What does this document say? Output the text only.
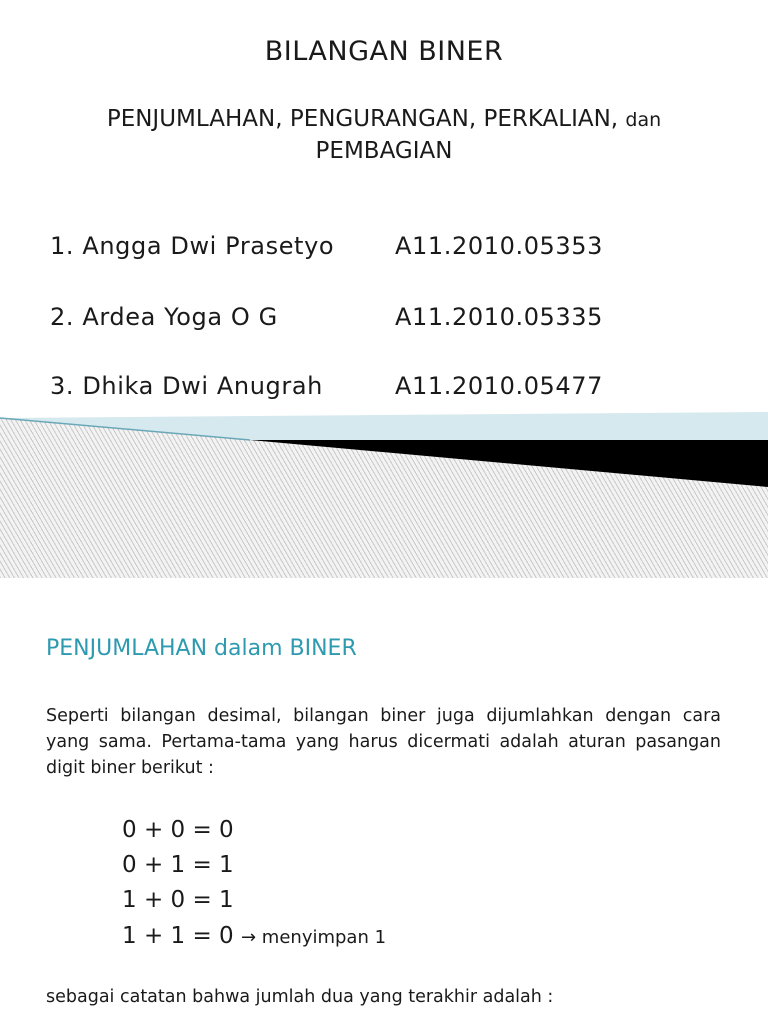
BILANGAN BINER
PENJUMLAHAN, PENGURANGAN, PERKALIAN, dan
PEMBAGIAN
1. Angga Dwi Prasetyo	A11.2010.05353
2. Ardea Yoga O G	A11.2010.05335
3. Dhika Dwi Anugrah	A11.2010.05477
PENJUMLAHAN dalam BINER
Seperti bilangan desimal, bilangan biner juga dijumlahkan dengan cara yang sama. Pertama-tama yang harus dicermati adalah aturan pasangan digit biner berikut :
0 + 0 = 0
0 + 1 = 1
1 + 0 = 1
1 + 1 = 0 → menyimpan 1
sebagai catatan bahwa jumlah dua yang terakhir adalah :
